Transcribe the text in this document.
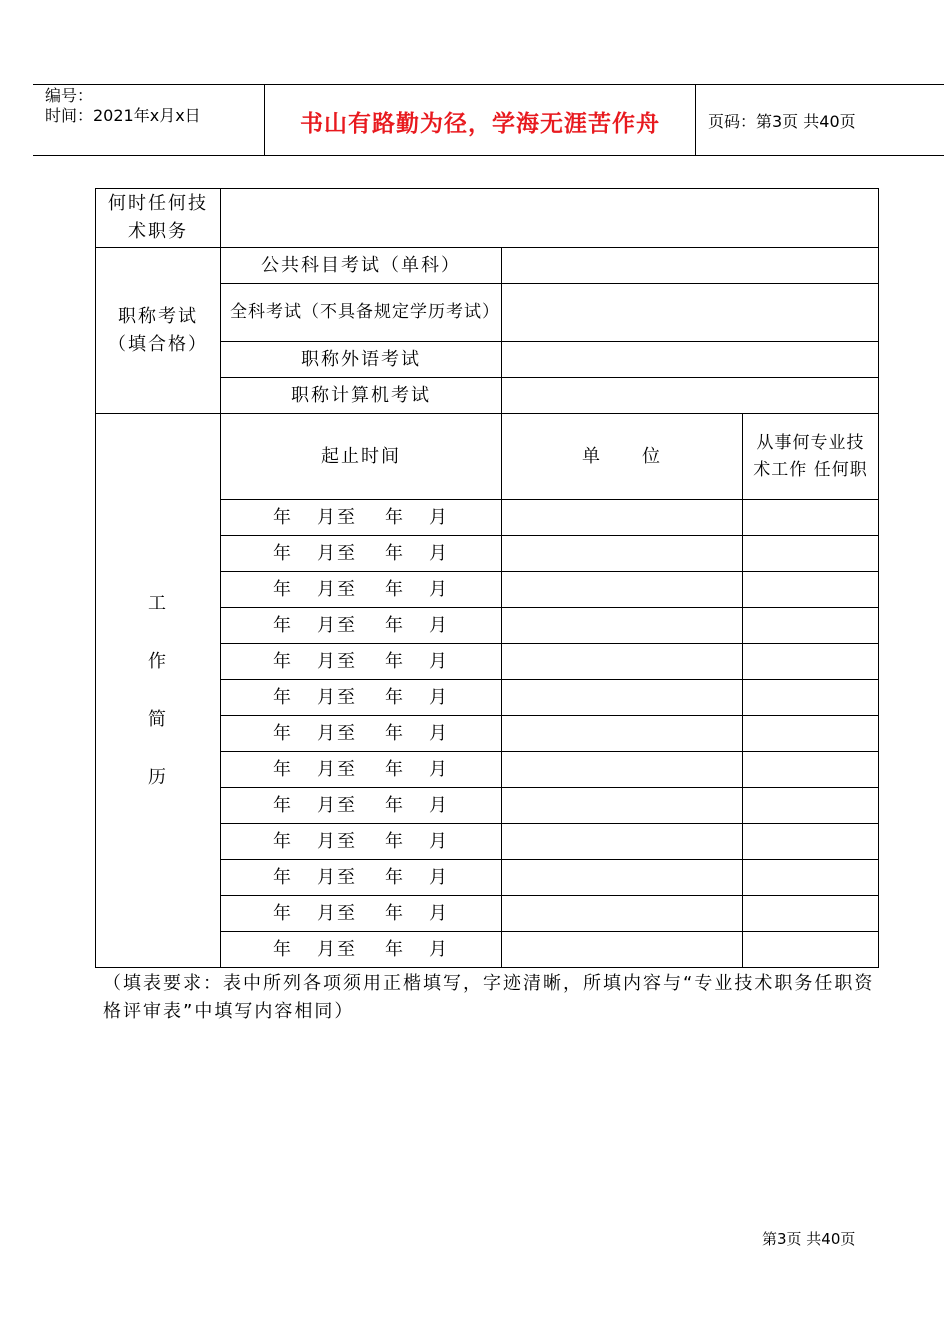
编号：
时间：2021年x月x日	书山有路勤为径，学海无涯苦作舟	页码：第3页 共40页
何时任何技术职务			

职称考试（填合格）	公共科目考试（单科）		

	全科考试（不具备规定学历考试）		

	职称外语考试		
	职称计算机考试		

工
作
简
历	起止时间	单　　位	从事何专业技术工作 任何职

	年 月至 年 月		

	年 月至 年 月		

	年 月至 年 月		

	年 月至 年 月		

	年 月至 年 月		

	年 月至 年 月		

	年 月至 年 月		

	年 月至 年 月		

	年 月至 年 月		

	年 月至 年 月		

	年 月至 年 月		

	年 月至 年 月		

	年 月至 年 月		

（填表要求：表中所列各项须用正楷填写，字迹清晰，所填内容与“专业技术职务任职资格评审表”中填写内容相同）
第3页 共40页
